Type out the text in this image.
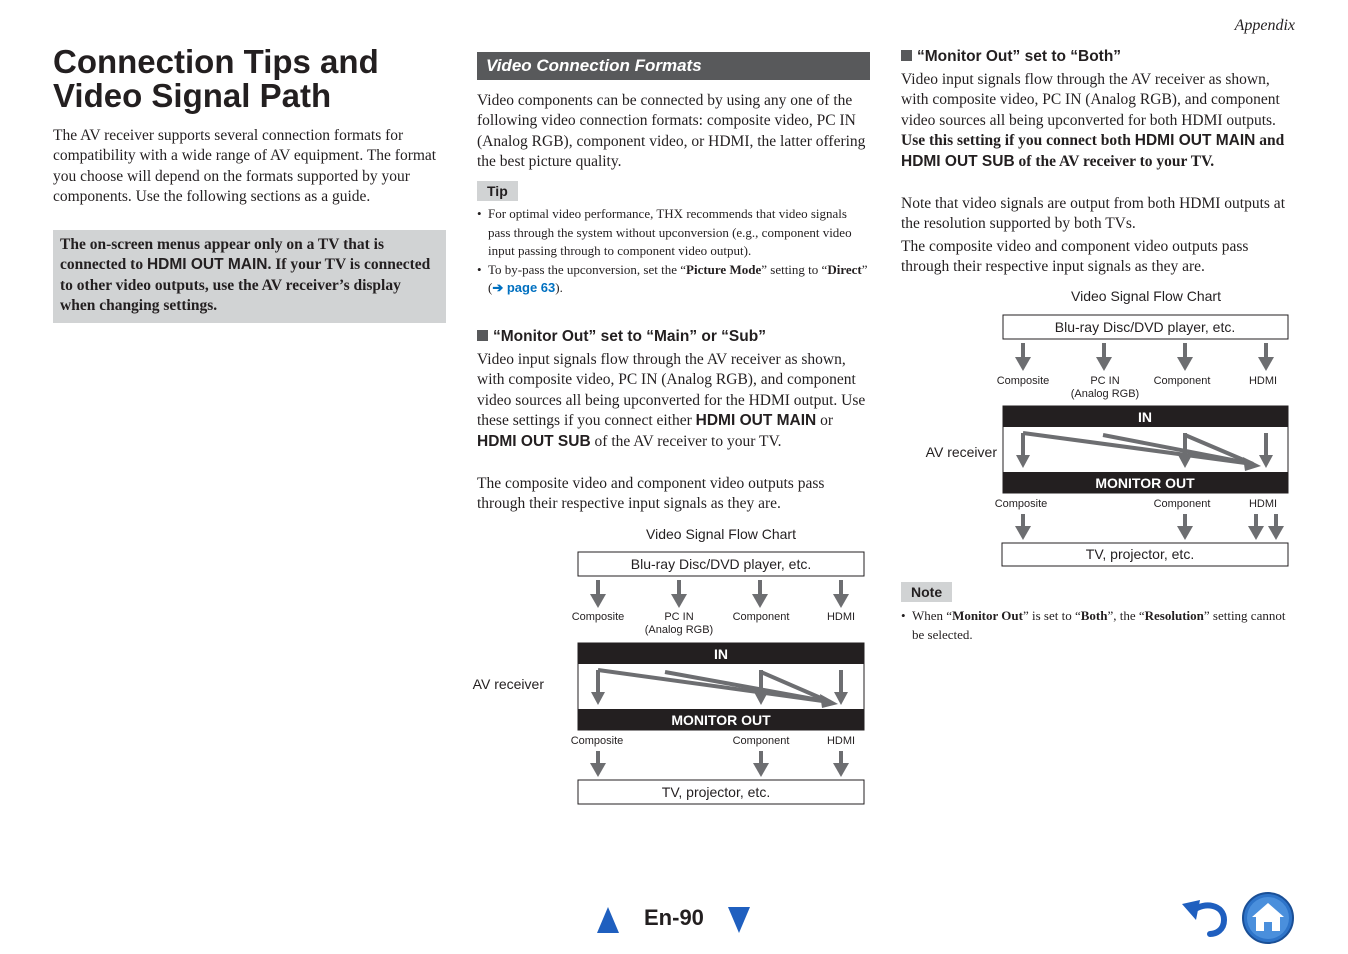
Appendix
Connection Tips and
Video Signal Path

The AV receiver supports several connection formats for compatibility with a wide range of AV equipment. The format you choose will depend on the formats supported by your components. Use the following sections as a guide.

The on-screen menus appear only on a TV that is connected to HDMI OUT MAIN. If your TV is connected to other video outputs, use the AV receiver’s display when changing settings.
Video Connection Formats

Video components can be connected by using any one of the following video connection formats: composite video, PC IN (Analog RGB), component video, or HDMI, the latter offering the best picture quality.

Tip
• For optimal video performance, THX recommends that video signals pass through the system without upconversion (e.g., component video input passing through to component video output).
• To by-pass the upconversion, set the “Picture Mode” setting to “Direct” (➔ page 63).
“Monitor Out” set to “Main” or “Sub”

Video input signals flow through the AV receiver as shown, with composite video, PC IN (Analog RGB), and component video sources all being upconverted for the HDMI output. Use these settings if you connect either HDMI OUT MAIN or HDMI OUT SUB of the AV receiver to your TV.

The composite video and component video outputs pass through their respective input signals as they are.

Video Signal Flow Chart
Blu-ray Disc/DVD player, etc.
Composite	PC IN
(Analog RGB)
Component	HDMI
IN
MONITOR OUT
AV receiver
Composite	Component	HDMI
TV, projector, etc.
“Monitor Out” set to “Both”

Video input signals flow through the AV receiver as shown, with composite video, PC IN (Analog RGB), and component video sources all being upconverted for both HDMI outputs. Use this setting if you connect both HDMI OUT MAIN and HDMI OUT SUB of the AV receiver to your TV.

Note that video signals are output from both HDMI outputs at the resolution supported by both TVs.

The composite video and component video outputs pass through their respective input signals as they are.

Video Signal Flow Chart
Blu-ray Disc/DVD player, etc.
Composite	PC IN
(Analog RGB)
Component	HDMI
IN
MONITOR OUT
AV receiver
Composite	Component	HDMI
TV, projector, etc.
Note
• When “Monitor Out” is set to “Both”, the “Resolution” setting cannot be selected.
En-90
